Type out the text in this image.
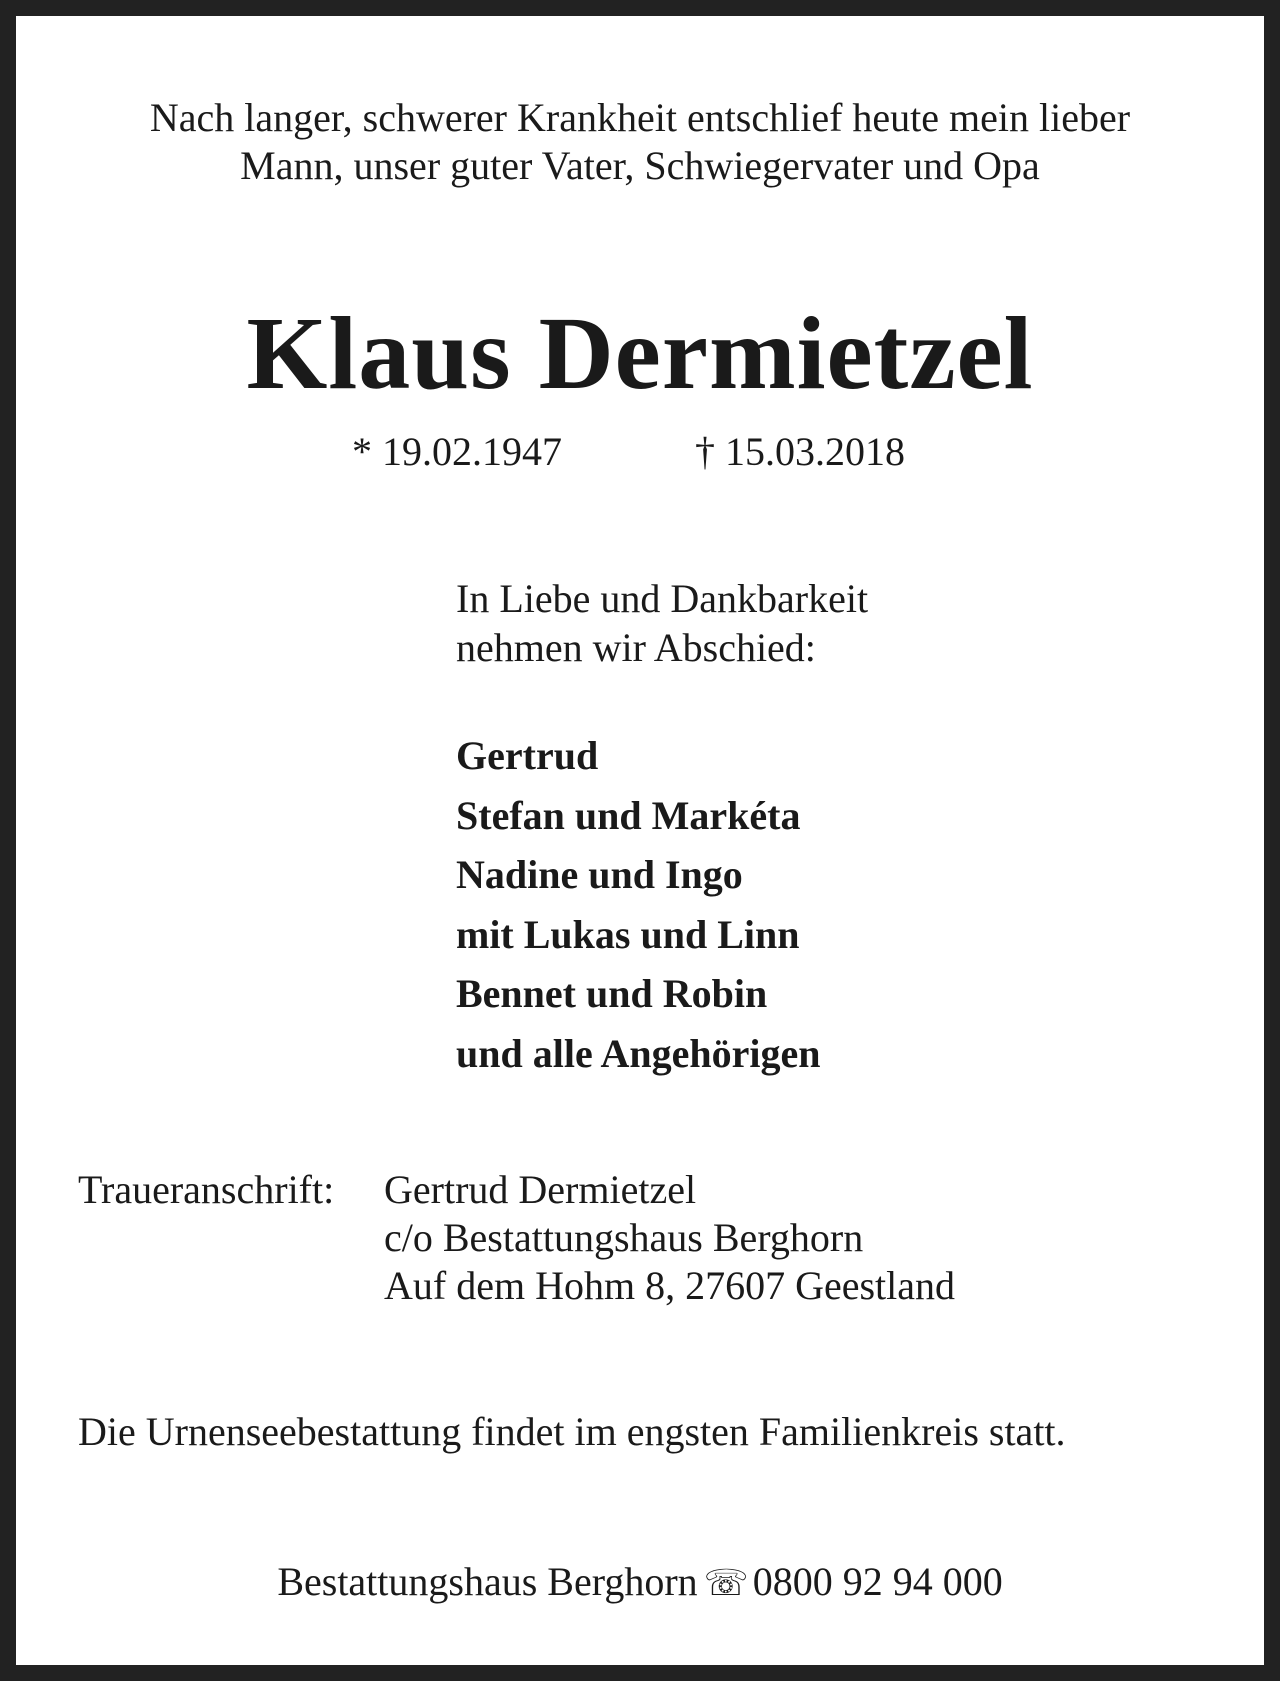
Nach langer, schwerer Krankheit entschlief heute mein lieber
Mann, unser guter Vater, Schwiegervater und Opa
Klaus Dermietzel
* 19.02.1947	† 15.03.2018
In Liebe und Dankbarkeit
nehmen wir Abschied:
Gertrud
Stefan und Markéta
Nadine und Ingo
mit Lukas und Linn
Bennet und Robin
und alle Angehörigen
Traueranschrift: Gertrud Dermietzel
c/o Bestattungshaus Berghorn
Auf dem Hohm 8, 27607 Geestland
Die Urnenseebestattung findet im engsten Familienkreis statt.
Bestattungshaus Berghorn ☏ 0800 92 94 000
